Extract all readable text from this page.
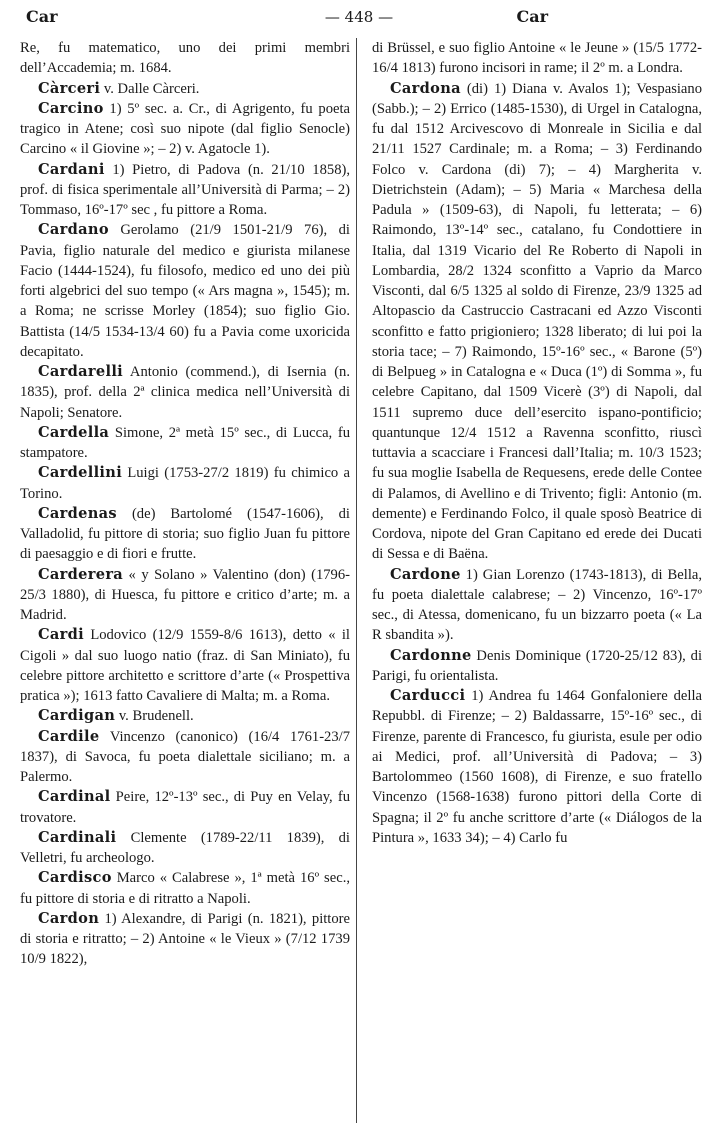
Car	— 448 —	Car

Re, fu matematico, uno dei primi membri dell’Accademia; m. 1684.

Càrceri v. Dalle Càrceri.

Carcino 1) 5º sec. a. Cr., di Agrigento, fu poeta tragico in Atene; così suo nipote (dal figlio Senocle) Carcino « il Giovine »; – 2) v. Agatocle 1).

Cardani 1) Pietro, di Padova (n. 21/10 1858), prof. di fisica sperimentale all’Università di Parma; – 2) Tommaso, 16º-17º sec , fu pittore a Roma.

Cardano Gerolamo (21/9 1501-21/9 76), di Pavia, figlio naturale del medico e giurista milanese Facio (1444-1524), fu filosofo, medico ed uno dei più forti algebrici del suo tempo (« Ars magna », 1545); m. a Roma; ne scrisse Morley (1854); suo figlio Gio. Battista (14/5 1534-13/4 60) fu a Pavia come uxoricida decapitato.

Cardarelli Antonio (commend.), di Isernia (n. 1835), prof. della 2ª clinica medica nell’Università di Napoli; Senatore.

Cardella Simone, 2ª metà 15º sec., di Lucca, fu stampatore.

Cardellini Luigi (1753-27/2 1819) fu chimico a Torino.

Cardenas (de) Bartolomé (1547-1606), di Valladolid, fu pittore di storia; suo figlio Juan fu pittore di paesaggio e di fiori e frutte.

Carderera « y Solano » Valentino (don) (1796-25/3 1880), di Huesca, fu pittore e critico d’arte; m. a Madrid.

Cardi Lodovico (12/9 1559-8/6 1613), detto « il Cigoli » dal suo luogo natio (fraz. di San Miniato), fu celebre pittore architetto e scrittore d’arte (« Prospettiva pratica »); 1613 fatto Cavaliere di Malta; m. a Roma.

Cardigan v. Brudenell.

Cardile Vincenzo (canonico) (16/4 1761-23/7 1837), di Savoca, fu poeta dialettale siciliano; m. a Palermo.

Cardinal Peire, 12º-13º sec., di Puy en Velay, fu trovatore.

Cardinali Clemente (1789-22/11 1839), di Velletri, fu archeologo.

Cardisco Marco « Calabrese », 1ª metà 16º sec., fu pittore di storia e di ritratto a Napoli.

Cardon 1) Alexandre, di Parigi (n. 1821), pittore di storia e ritratto; – 2) Antoine « le Vieux » (7/12 1739 10/9 1822),

di Brüssel, e suo figlio Antoine « le Jeune » (15/5 1772-16/4 1813) furono incisori in rame; il 2º m. a Londra.

Cardona (di) 1) Diana v. Avalos 1); Vespasiano (Sabb.); – 2) Errico (1485-1530), di Urgel in Catalogna, fu dal 1512 Arcivescovo di Monreale in Sicilia e dal 21/11 1527 Cardinale; m. a Roma; – 3) Ferdinando Folco v. Cardona (di) 7); – 4) Margherita v. Dietrichstein (Adam); – 5) Maria « Marchesa della Padula » (1509-63), di Napoli, fu letterata; – 6) Raimondo, 13º-14º sec., catalano, fu Condottiere in Italia, dal 1319 Vicario del Re Roberto di Napoli in Lombardia, 28/2 1324 sconfitto a Vaprio da Marco Visconti, dal 6/5 1325 al soldo di Firenze, 23/9 1325 ad Altopascio da Castruccio Castracani ed Azzo Visconti sconfitto e fatto prigioniero; 1328 liberato; di lui poi la storia tace; – 7) Raimondo, 15º-16º sec., « Barone (5º) di Belpueg » in Catalogna e « Duca (1º) di Somma », fu celebre Capitano, dal 1509 Vicerè (3º) di Napoli, dal 1511 supremo duce dell’esercito ispano-pontificio; quantunque 12/4 1512 a Ravenna sconfitto, riuscì tuttavia a scacciare i Francesi dall’Italia; m. 10/3 1523; fu sua moglie Isabella de Requesens, erede delle Contee di Palamos, di Avellino e di Trivento; figli: Antonio (m. demente) e Ferdinando Folco, il quale sposò Beatrice di Cordova, nipote del Gran Capitano ed erede dei Ducati di Sessa e di Baëna.

Cardone 1) Gian Lorenzo (1743-1813), di Bella, fu poeta dialettale calabrese; – 2) Vincenzo, 16º-17º sec., di Atessa, domenicano, fu un bizzarro poeta (« La R sbandita »).

Cardonne Denis Dominique (1720-25/12 83), di Parigi, fu orientalista.

Carducci 1) Andrea fu 1464 Gonfaloniere della Repubbl. di Firenze; – 2) Baldassarre, 15º-16º sec., di Firenze, parente di Francesco, fu giurista, esule per odio ai Medici, prof. all’Università di Padova; – 3) Bartolommeo (1560 1608), di Firenze, e suo fratello Vincenzo (1568-1638) furono pittori della Corte di Spagna; il 2º fu anche scrittore d’arte (« Diálogos de la Pintura », 1633 34); – 4) Carlo fu
